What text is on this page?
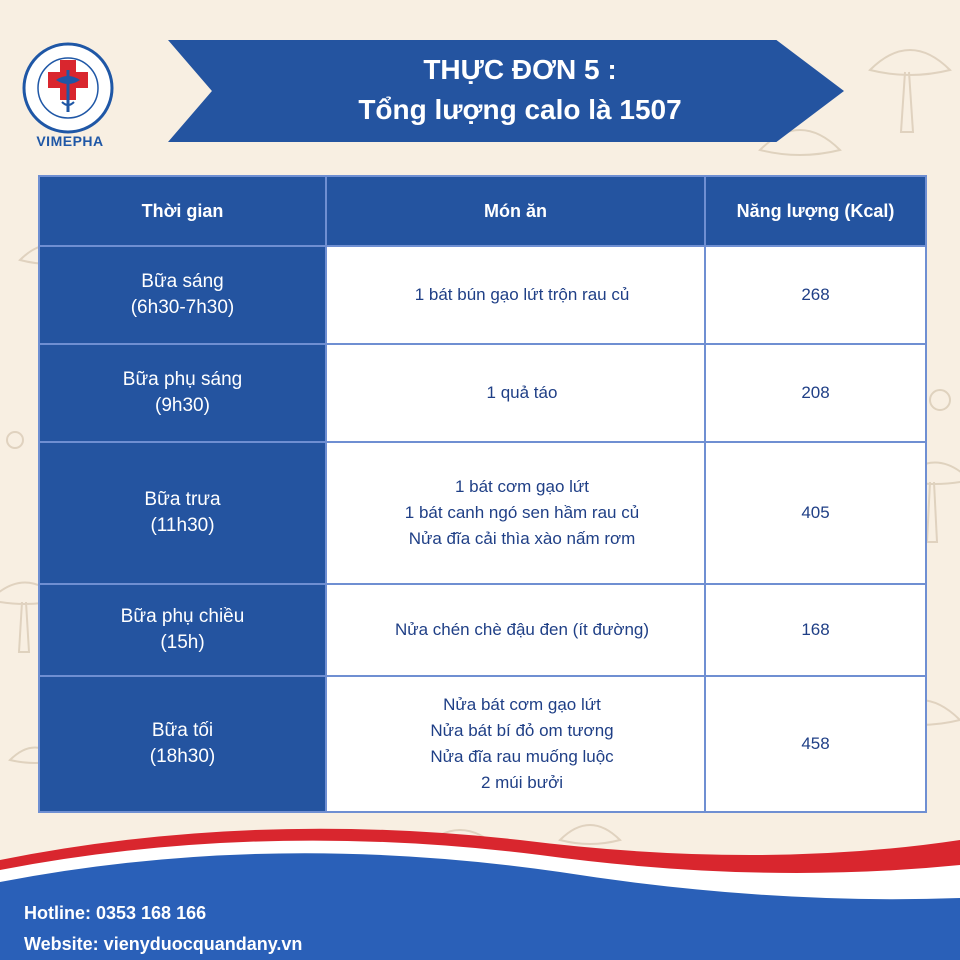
VIMEPHA
THỰC ĐƠN 5 :
Tổng lượng calo là 1507
Thời gian	Món ăn	Năng lượng (Kcal)

Bữa sáng
(6h30-7h30)	1 bát bún gạo lứt trộn rau củ	268

Bữa phụ sáng
(9h30)	1 quả táo	208

Bữa trưa
(11h30)	1 bát cơm gạo lứt
1 bát canh ngó sen hầm rau củ
Nửa đĩa cải thìa xào nấm rơm	405

Bữa phụ chiều
(15h)	Nửa chén chè đậu đen (ít đường)	168

Bữa tối
(18h30)	Nửa bát cơm gạo lứt
Nửa bát bí đỏ om tương
Nửa đĩa rau muống luộc
2 múi bưởi	458
Hotline: 0353 168 166
Website: vienyduocquandany.vn
